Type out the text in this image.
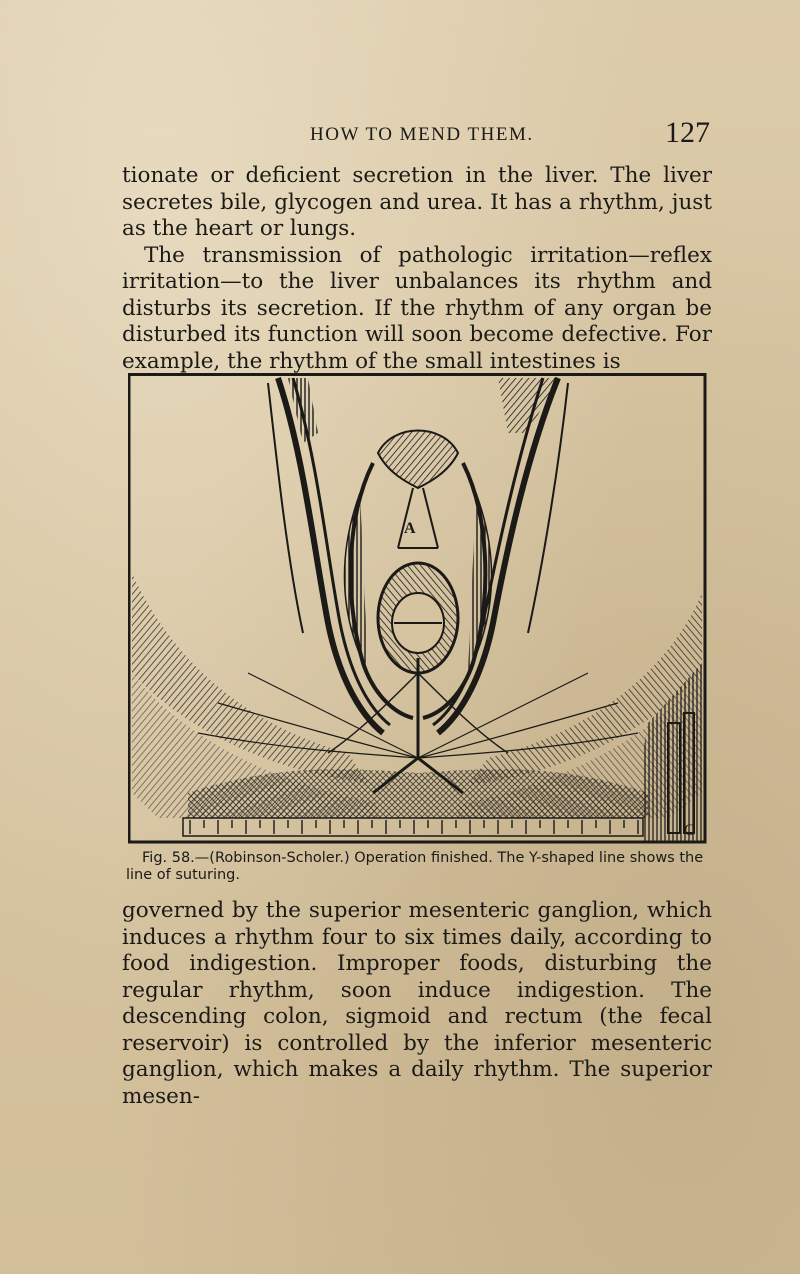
HOW TO MEND THEM.	127

tionate or deficient secretion in the liver. The liver secretes bile, glycogen and urea. It has a rhythm, just as the heart or lungs.

The transmission of pathologic irritation—reflex irritation—to the liver unbalances its rhythm and disturbs its secretion. If the rhythm of any organ be disturbed its function will soon become defective. For example, the rhythm of the small intestines is

A
C
Fig. 58.—(Robinson-Scholer.) Operation finished. The Y-shaped line shows the line of suturing.

governed by the superior mesenteric ganglion, which induces a rhythm four to six times daily, according to food indigestion. Improper foods, disturbing the regular rhythm, soon induce indigestion. The descending colon, sigmoid and rectum (the fecal reservoir) is controlled by the inferior mesenteric ganglion, which makes a daily rhythm. The superior mesen-
